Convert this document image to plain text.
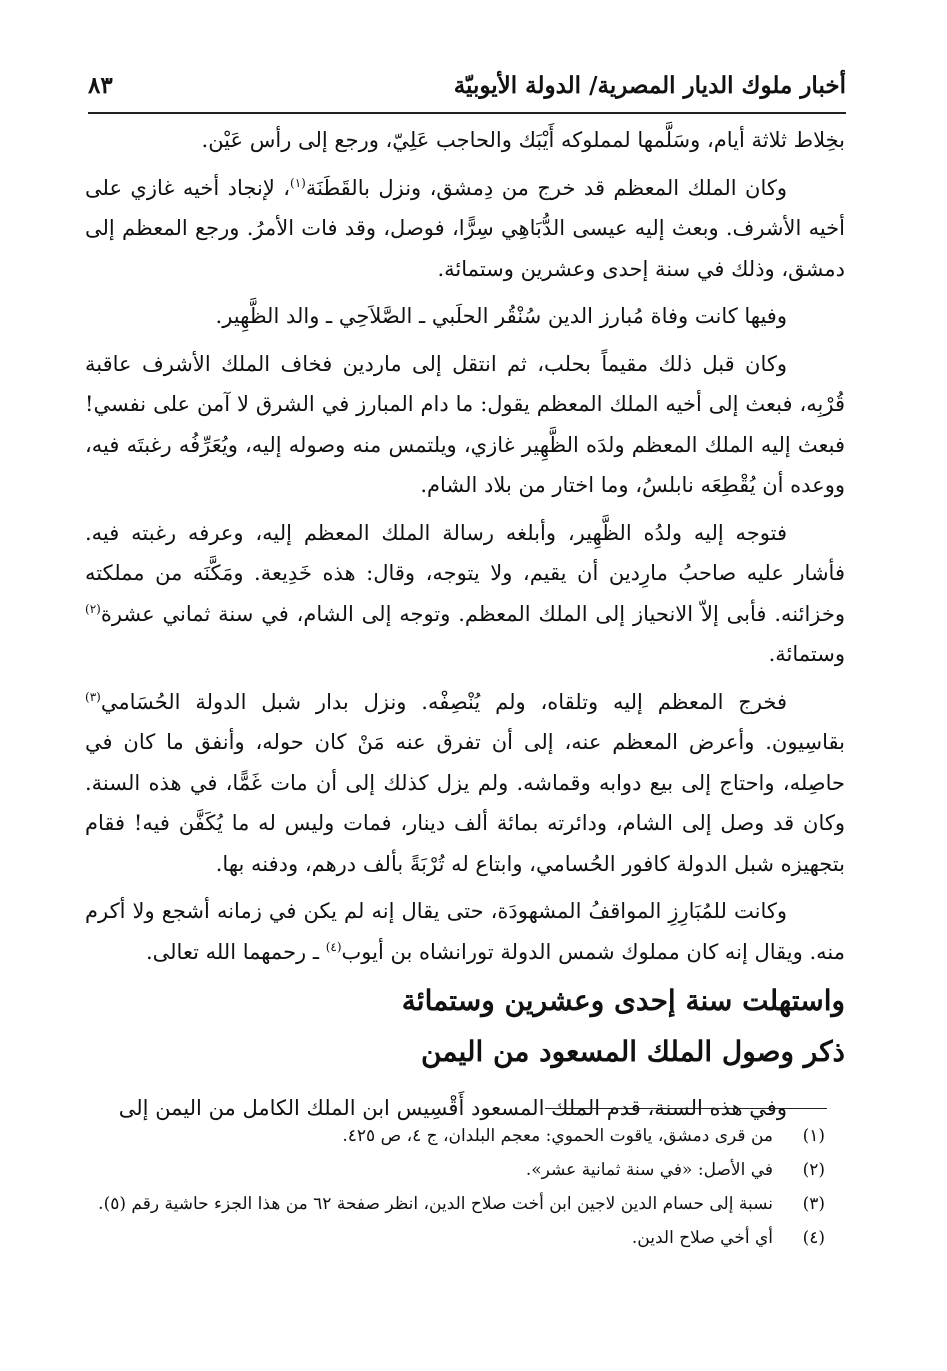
أخبار ملوك الديار المصرية/ الدولة الأيوبيّة
٨٣

بخِلاط ثلاثة أيام، وسَلَّمها لمملوكه أَيْبَك والحاجب عَلِيّ، ورجع إلى رأس عَيْن.

وكان الملك المعظم قد خرج من دِمشق، ونزل بالقَطَنَة$^{(١)}$، لإنجاد أخيه غازي على أخيه الأشرف. وبعث إليه عيسى الدُّبَاهِي سِرًّا، فوصل، وقد فات الأمرُ. ورجع المعظم إلى دمشق، وذلك في سنة إحدى وعشرين وستمائة.

وفيها كانت وفاة مُبارز الدين سُنْقُر الحلَبي ـ الصَّلاَحِي ـ والد الظَّهِير.

وكان قبل ذلك مقيماً بحلب، ثم انتقل إلى ماردين فخاف الملك الأشرف عاقبة قُرْبِه، فبعث إلى أخيه الملك المعظم يقول: ما دام المبارز في الشرق لا آمن على نفسي! فبعث إليه الملك المعظم ولدَه الظَّهِير غازي، ويلتمس منه وصوله إليه، ويُعَرِّفُه رغبتَه فيه، ووعده أن يُقْطِعَه نابلسُ، وما اختار من بلاد الشام.

فتوجه إليه ولدُه الظَّهِير، وأبلغه رسالة الملك المعظم إليه، وعرفه رغبته فيه. فأشار عليه صاحبُ مارِدين أن يقيم، ولا يتوجه، وقال: هذه خَدِيعة. ومَكَّنَه من مملكته وخزائنه. فأبى إلاّ الانحياز إلى الملك المعظم. وتوجه إلى الشام، في سنة ثماني عشرة$^{(٢)}$ وستمائة.

فخرج المعظم إليه وتلقاه، ولم يُنْصِفْه. ونزل بدار شبل الدولة الحُسَامي$^{(٣)}$ بقاسِيون. وأعرض المعظم عنه، إلى أن تفرق عنه مَنْ كان حوله، وأنفق ما كان في حاصِله، واحتاج إلى بيع دوابه وقماشه. ولم يزل كذلك إلى أن مات غَمًّا، في هذه السنة. وكان قد وصل إلى الشام، ودائرته بمائة ألف دينار، فمات وليس له ما يُكَفَّن فيه! فقام بتجهيزه شبل الدولة كافور الحُسامي، وابتاع له تُرْبَةً بألف درهم، ودفنه بها.

وكانت للمُبَارِزِ المواقفُ المشهودَة، حتى يقال إنه لم يكن في زمانه أشجع ولا أكرم منه. ويقال إنه كان مملوك شمس الدولة تورانشاه بن أيوب$^{(٤)}$ ـ رحمهما الله تعالى.

واستهلت سنة إحدى وعشرين وستمائة

ذكر وصول الملك المسعود من اليمن

وفي هذه السنة، قدم الملك المسعود أَقْسِيس ابن الملك الكامل من اليمن إلى

(١)
من قرى دمشق، ياقوت الحموي: معجم البلدان، ج ٤، ص ٤٢٥.
(٢)
في الأصل: «في سنة ثمانية عشر».
(٣)
نسبة إلى حسام الدين لاجين ابن أخت صلاح الدين، انظر صفحة ٦٢ من هذا الجزء حاشية رقم (٥).
(٤)
أي أخي صلاح الدين.
